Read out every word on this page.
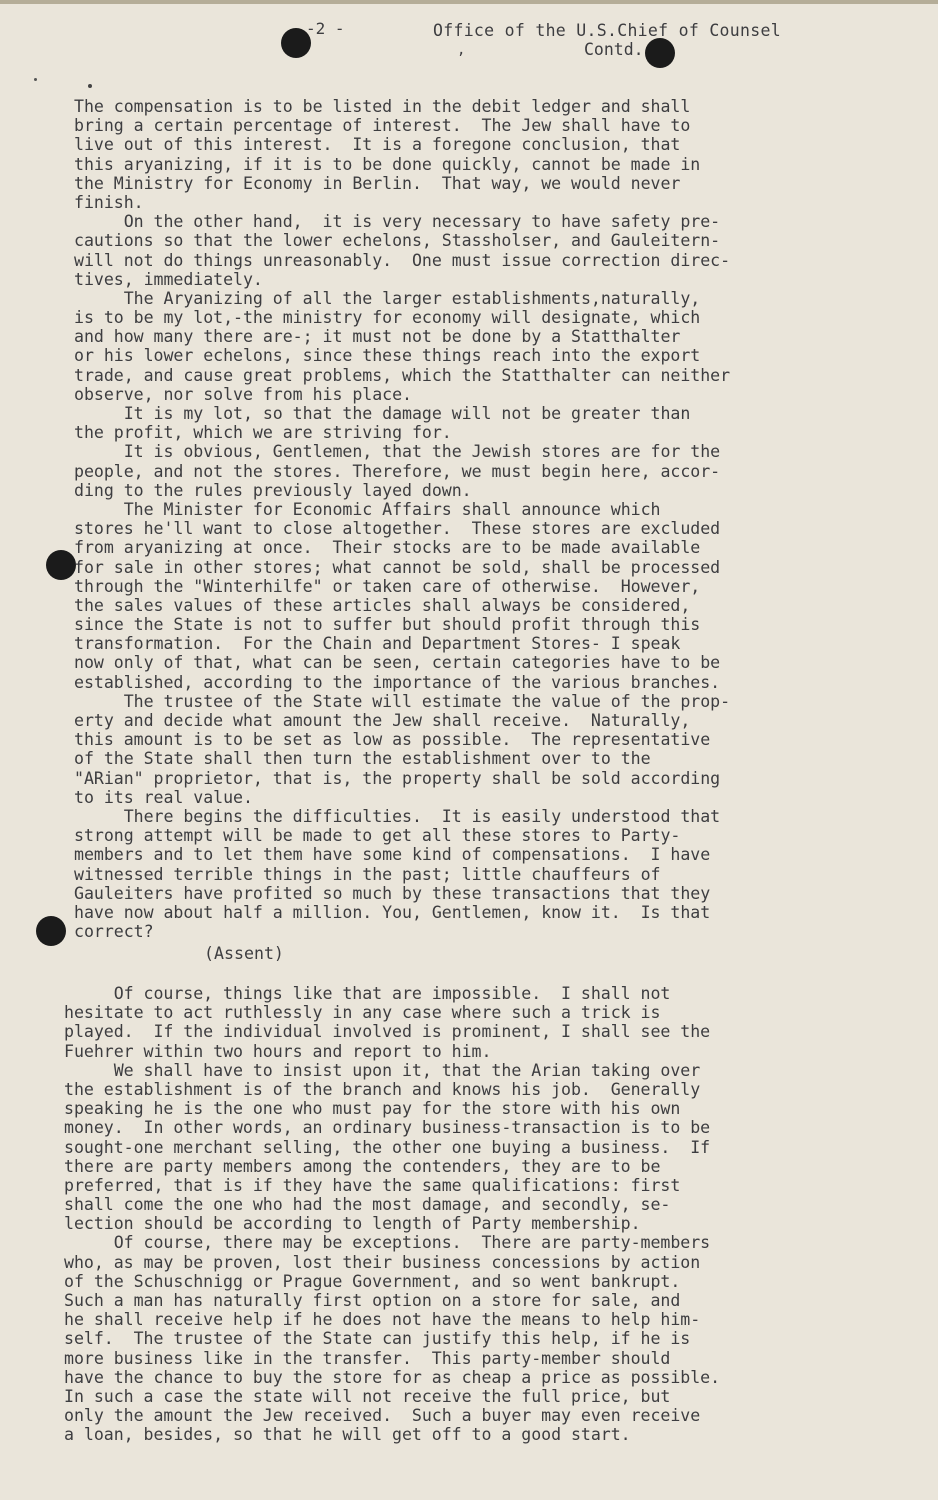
-2 -	Office of the U.S.Chief of Counsel
Contd.
,
The compensation is to be listed in the debit ledger and shall
bring a certain percentage of interest.  The Jew shall have to
live out of this interest.  It is a foregone conclusion, that
this aryanizing, if it is to be done quickly, cannot be made in
the Ministry for Economy in Berlin.  That way, we would never
finish.
On the other hand,  it is very necessary to have safety pre-
cautions so that the lower echelons, Stassholser, and Gauleitern-
will not do things unreasonably.  One must issue correction direc-
tives, immediately.
The Aryanizing of all the larger establishments,naturally,
is to be my lot,-the ministry for economy will designate, which
and how many there are-; it must not be done by a Statthalter
or his lower echelons, since these things reach into the export
trade, and cause great problems, which the Statthalter can neither
observe, nor solve from his place.
It is my lot, so that the damage will not be greater than
the profit, which we are striving for.
It is obvious, Gentlemen, that the Jewish stores are for the
people, and not the stores. Therefore, we must begin here, accor-
ding to the rules previously layed down.
The Minister for Economic Affairs shall announce which
stores he'll want to close altogether.  These stores are excluded
from aryanizing at once.  Their stocks are to be made available
for sale in other stores; what cannot be sold, shall be processed
through the "Winterhilfe" or taken care of otherwise.  However,
the sales values of these articles shall always be considered,
since the State is not to suffer but should profit through this
transformation.  For the Chain and Department Stores- I speak
now only of that, what can be seen, certain categories have to be
established, according to the importance of the various branches.
The trustee of the State will estimate the value of the prop-
erty and decide what amount the Jew shall receive.  Naturally,
this amount is to be set as low as possible.  The representative
of the State shall then turn the establishment over to the
"ARian" proprietor, that is, the property shall be sold according
to its real value.
There begins the difficulties.  It is easily understood that
strong attempt will be made to get all these stores to Party-
members and to let them have some kind of compensations.  I have
witnessed terrible things in the past; little chauffeurs of
Gauleiters have profited so much by these transactions that they
have now about half a million. You, Gentlemen, know it.  Is that
correct?
(Assent)
Of course, things like that are impossible.  I shall not
hesitate to act ruthlessly in any case where such a trick is
played.  If the individual involved is prominent, I shall see the
Fuehrer within two hours and report to him.
We shall have to insist upon it, that the Arian taking over
the establishment is of the branch and knows his job.  Generally
speaking he is the one who must pay for the store with his own
money.  In other words, an ordinary business-transaction is to be
sought-one merchant selling, the other one buying a business.  If
there are party members among the contenders, they are to be
preferred, that is if they have the same qualifications: first
shall come the one who had the most damage, and secondly, se-
lection should be according to length of Party membership.
Of course, there may be exceptions.  There are party-members
who, as may be proven, lost their business concessions by action
of the Schuschnigg or Prague Government, and so went bankrupt.
Such a man has naturally first option on a store for sale, and
he shall receive help if he does not have the means to help him-
self.  The trustee of the State can justify this help, if he is
more business like in the transfer.  This party-member should
have the chance to buy the store for as cheap a price as possible.
In such a case the state will not receive the full price, but
only the amount the Jew received.  Such a buyer may even receive
a loan, besides, so that he will get off to a good start.
